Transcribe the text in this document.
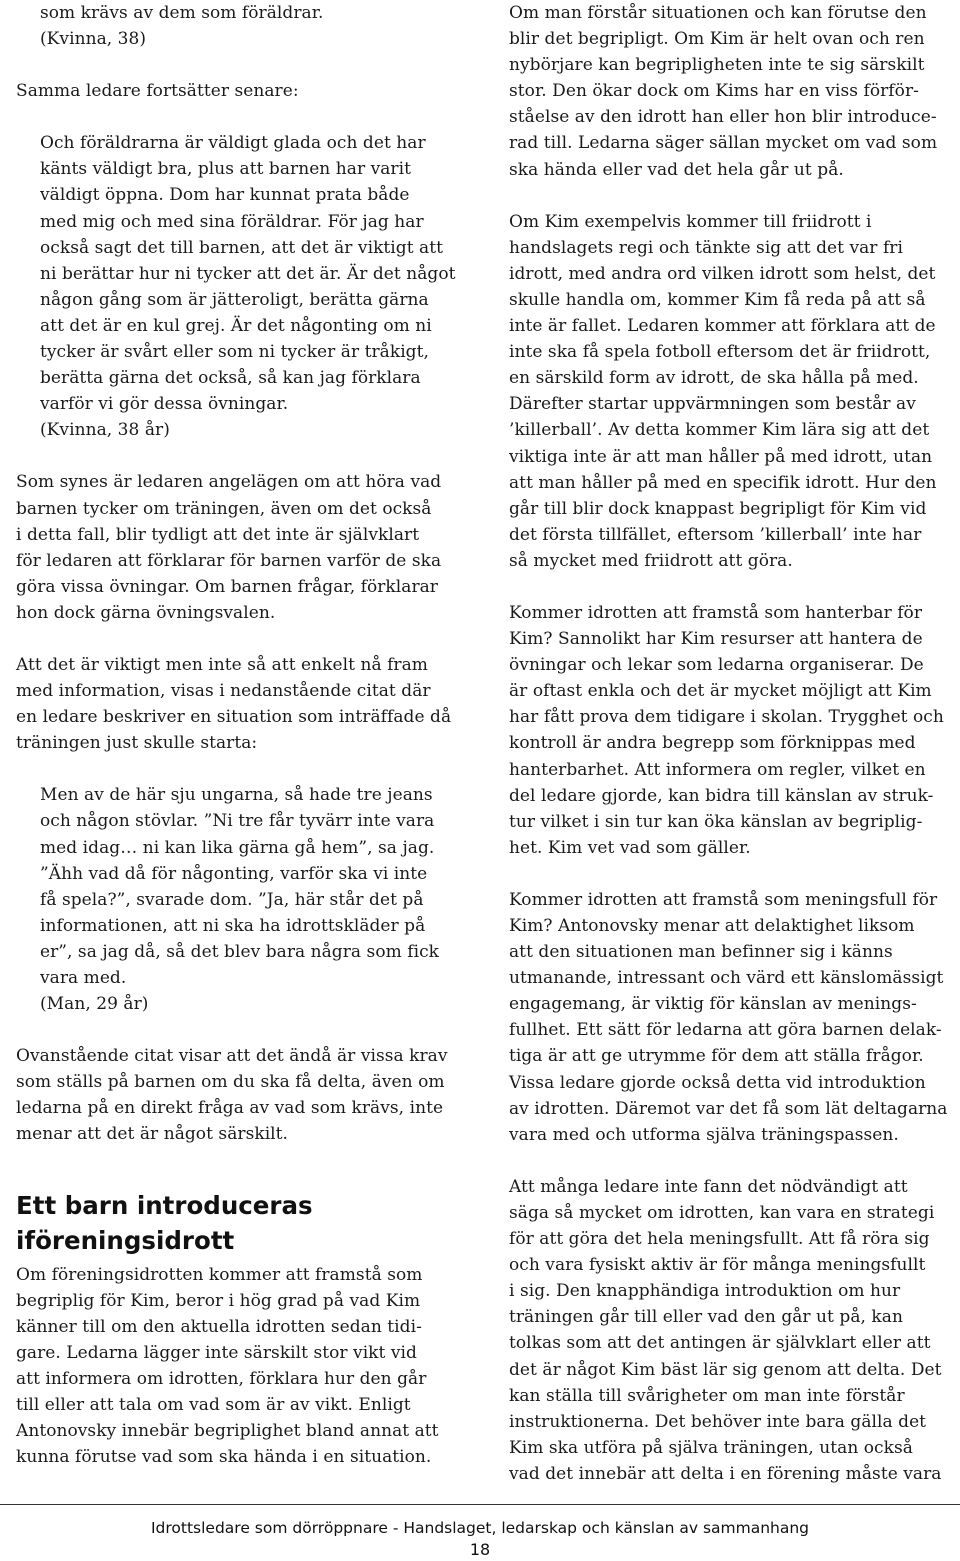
som krävs av dem som föräldrar.
(Kvinna, 38)
Samma ledare fortsätter senare:
Och föräldrarna är väldigt glada och det har
känts väldigt bra, plus att barnen har varit
väldigt öppna. Dom har kunnat prata både
med mig och med sina föräldrar. För jag har
också sagt det till barnen, att det är viktigt att
ni berättar hur ni tycker att det är. Är det något
någon gång som är jätteroligt, berätta gärna
att det är en kul grej. Är det någonting om ni
tycker är svårt eller som ni tycker är tråkigt,
berätta gärna det också, så kan jag förklara
varför vi gör dessa övningar.
(Kvinna, 38 år)
Som synes är ledaren angelägen om att höra vad
barnen tycker om träningen, även om det också
i detta fall, blir tydligt att det inte är självklart
för ledaren att förklarar för barnen varför de ska
göra vissa övningar. Om barnen frågar, förklarar
hon dock gärna övningsvalen.
Att det är viktigt men inte så att enkelt nå fram
med information, visas i nedanstående citat där
en ledare beskriver en situation som inträffade då
träningen just skulle starta:
Men av de här sju ungarna, så hade tre jeans
och någon stövlar. ”Ni tre får tyvärr inte vara
med idag… ni kan lika gärna gå hem”, sa jag.
”Ähh vad då för någonting, varför ska vi inte
få spela?”, svarade dom. ”Ja, här står det på
informationen, att ni ska ha idrottskläder på
er”, sa jag då, så det blev bara några som fick
vara med.
(Man, 29 år)
Ovanstående citat visar att det ändå är vissa krav
som ställs på barnen om du ska få delta, även om
ledarna på en direkt fråga av vad som krävs, inte
menar att det är något särskilt.
Ett barn introduceras iföreningsidrott
Om föreningsidrotten kommer att framstå som
begriplig för Kim, beror i hög grad på vad Kim
känner till om den aktuella idrotten sedan tidi-
gare. Ledarna lägger inte särskilt stor vikt vid
att informera om idrotten, förklara hur den går
till eller att tala om vad som är av vikt. Enligt
Antonovsky innebär begriplighet bland annat att
kunna förutse vad som ska hända i en situation.
Om man förstår situationen och kan förutse den
blir det begripligt. Om Kim är helt ovan och ren
nybörjare kan begripligheten inte te sig särskilt
stor. Den ökar dock om Kims har en viss förför-
ståelse av den idrott han eller hon blir introduce-
rad till. Ledarna säger sällan mycket om vad som
ska hända eller vad det hela går ut på.
Om Kim exempelvis kommer till friidrott i
handslagets regi och tänkte sig att det var fri
idrott, med andra ord vilken idrott som helst, det
skulle handla om, kommer Kim få reda på att så
inte är fallet. Ledaren kommer att förklara att de
inte ska få spela fotboll eftersom det är friidrott,
en särskild form av idrott, de ska hålla på med.
Därefter startar uppvärmningen som består av
’killerball’. Av detta kommer Kim lära sig att det
viktiga inte är att man håller på med idrott, utan
att man håller på med en specifik idrott. Hur den
går till blir dock knappast begripligt för Kim vid
det första tillfället, eftersom ’killerball’ inte har
så mycket med friidrott att göra.
Kommer idrotten att framstå som hanterbar för
Kim? Sannolikt har Kim resurser att hantera de
övningar och lekar som ledarna organiserar. De
är oftast enkla och det är mycket möjligt att Kim
har fått prova dem tidigare i skolan. Trygghet och
kontroll är andra begrepp som förknippas med
hanterbarhet. Att informera om regler, vilket en
del ledare gjorde, kan bidra till känslan av struk-
tur vilket i sin tur kan öka känslan av begriplig-
het. Kim vet vad som gäller.
Kommer idrotten att framstå som meningsfull för
Kim? Antonovsky menar att delaktighet liksom
att den situationen man befinner sig i känns
utmanande, intressant och värd ett känslomässigt
engagemang, är viktig för känslan av menings-
fullhet. Ett sätt för ledarna att göra barnen delak-
tiga är att ge utrymme för dem att ställa frågor.
Vissa ledare gjorde också detta vid introduktion
av idrotten. Däremot var det få som lät deltagarna
vara med och utforma själva träningspassen.
Att många ledare inte fann det nödvändigt att
säga så mycket om idrotten, kan vara en strategi
för att göra det hela meningsfullt. Att få röra sig
och vara fysiskt aktiv är för många meningsfullt
i sig. Den knapphändiga introduktion om hur
träningen går till eller vad den går ut på, kan
tolkas som att det antingen är självklart eller att
det är något Kim bäst lär sig genom att delta. Det
kan ställa till svårigheter om man inte förstår
instruktionerna. Det behöver inte bara gälla det
Kim ska utföra på själva träningen, utan också
vad det innebär att delta i en förening måste vara
Idrottsledare som dörröppnare - Handslaget, ledarskap och känslan av sammanhang
18
